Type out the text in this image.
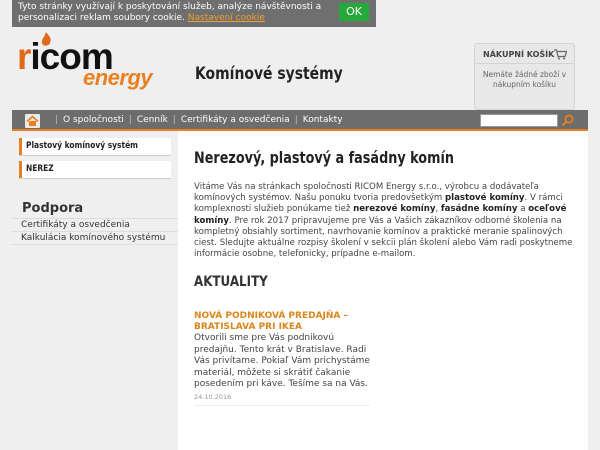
Tyto stránky využívají k poskytování služeb, analýze návštěvnosti a personalizaci reklam soubory cookie. Nastavení cookie	OK
ricom
energy	Komínové systémy
NÁKUPNÍ KOŠÍK
Nemáte žádné zboží v nákupním košíku
| O spoločnosti | Cenník | Certifikáty a osvedčenia | Kontakty
Plastový komínový systém
NEREZ
Podpora
Certifikáty a osvedčenia
Kalkulácia komínového systému
Nerezový, plastový a fasádny komín
Vitáme Vás na stránkach spoločnosti RICOM Energy s.r.o., výrobcu a dodávateľa komínových systémov. Našu ponuku tvoria predovšetkým plastové komíny. V rámci komplexnosti služieb ponúkame tiež nerezové komíny, fasádne komíny a oceľové komíny. Pre rok 2017 pripravujeme pre Vás a Vašich zákazníkov odborné školenia na kompletný obsiahly sortiment, navrhovanie komínov a praktické meranie spalinových ciest. Sledujte aktuálne rozpisy školení v sekcii plán školení alebo Vám radi poskytneme informácie osobne, telefonicky, prípadne e-mailom.
AKTUALITY
NOVÁ PODNIKOVÁ PREDAJŇA – BRATISLAVA PRI IKEA
Otvorili sme pre Vás podnikovú predajňu. Tento krát v Bratislave. Radi Vás privítame. Pokiaľ Vám prichystáme materiál, môžete si skrátiť čakanie posedením pri káve. Tešíme sa na Vás.
24.10.2016
